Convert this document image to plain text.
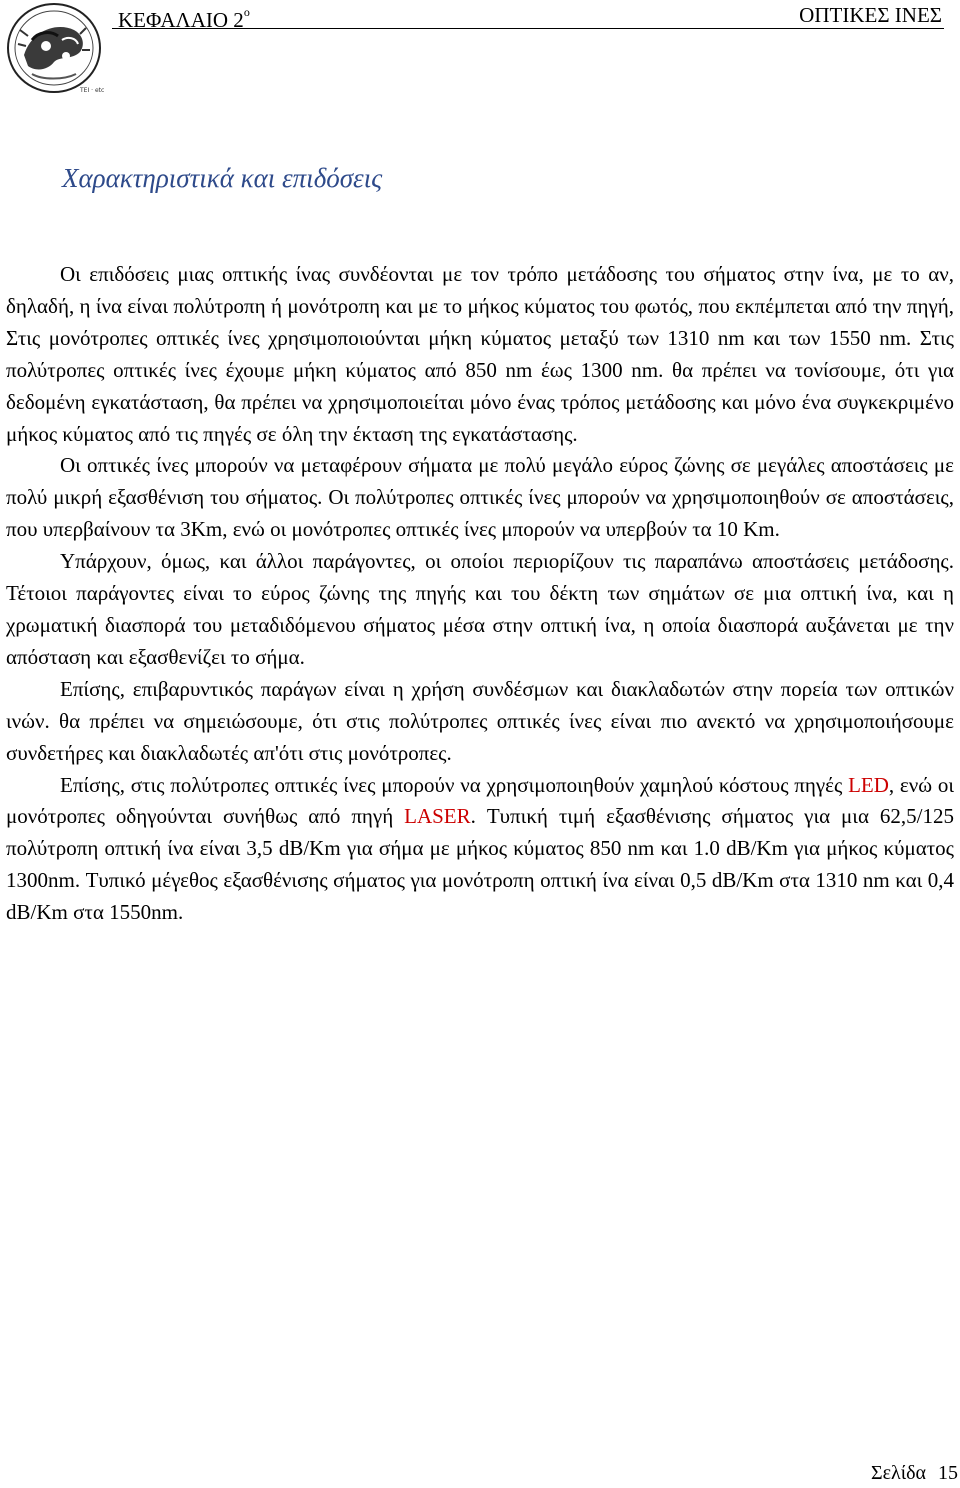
TEI · etc
ΚΕΦΑΛΑΙΟ $2^o$	ΟΠΤΙΚΕΣ ΙΝΕΣ
Χαρακτηριστικά και επιδόσεις

Οι επιδόσεις μιας οπτικής ίνας συνδέονται με τον τρόπο μετάδοσης του σήματος στην ίνα, με το αν, δηλαδή, η ίνα είναι πολύτροπη ή μονότροπη και με το μήκος κύματος του φωτός, που εκπέμπεται από την πηγή, Στις μονότροπες οπτικές ίνες χρησιμοποιούνται μήκη κύματος μεταξύ των 1310 nm και των 1550 nm. Στις πολύτροπες οπτικές ίνες έχουμε μήκη κύματος από 850 nm έως 1300 nm. θα πρέπει να τονίσουμε, ότι για δεδομένη εγκατάσταση, θα πρέπει να χρησιμοποιείται μόνο ένας τρόπος μετάδοσης και μόνο ένα συγκεκριμένο μήκος κύματος από τις πηγές σε όλη την έκταση της εγκατάστασης.

Οι οπτικές ίνες μπορούν να μεταφέρουν σήματα με πολύ μεγάλο εύρος ζώνης σε μεγάλες αποστάσεις με πολύ μικρή εξασθένιση του σήματος. Οι πολύτροπες οπτικές ίνες μπορούν να χρησιμοποιηθούν σε αποστάσεις, που υπερβαίνουν τα 3Km, ενώ οι μονότροπες οπτικές ίνες μπορούν να υπερβούν τα 10 Km.

Υπάρχουν, όμως, και άλλοι παράγοντες, οι οποίοι περιορίζουν τις παραπάνω αποστάσεις μετάδοσης. Τέτοιοι παράγοντες είναι το εύρος ζώνης της πηγής και του δέκτη των σημάτων σε μια οπτική ίνα, και η χρωματική διασπορά του μεταδιδόμενου σήματος μέσα στην οπτική ίνα, η οποία διασπορά αυξάνεται με την απόσταση και εξασθενίζει το σήμα.

Επίσης, επιβαρυντικός παράγων είναι η χρήση συνδέσμων και διακλαδωτών στην πορεία των οπτικών ινών. θα πρέπει να σημειώσουμε, ότι στις πολύτροπες οπτικές ίνες είναι πιο ανεκτό να χρησιμοποιήσουμε συνδετήρες και διακλαδωτές απ'ότι στις μονότροπες.

Επίσης, στις πολύτροπες οπτικές ίνες μπορούν να χρησιμοποιηθούν χαμηλού κόστους πηγές LED, ενώ οι μονότροπες οδηγούνται συνήθως από πηγή LASER. Τυπική τιμή εξασθένισης σήματος για μια 62,5/125 πολύτροπη οπτική ίνα είναι 3,5 dB/Km για σήμα με μήκος κύματος 850 nm και 1.0 dB/Km για μήκος κύματος 1300nm. Τυπικό μέγεθος εξασθένισης σήματος για μονότροπη οπτική ίνα είναι 0,5 dB/Km στα 1310 nm και 0,4 dB/Km στα 1550nm.

Σελίδα 15
